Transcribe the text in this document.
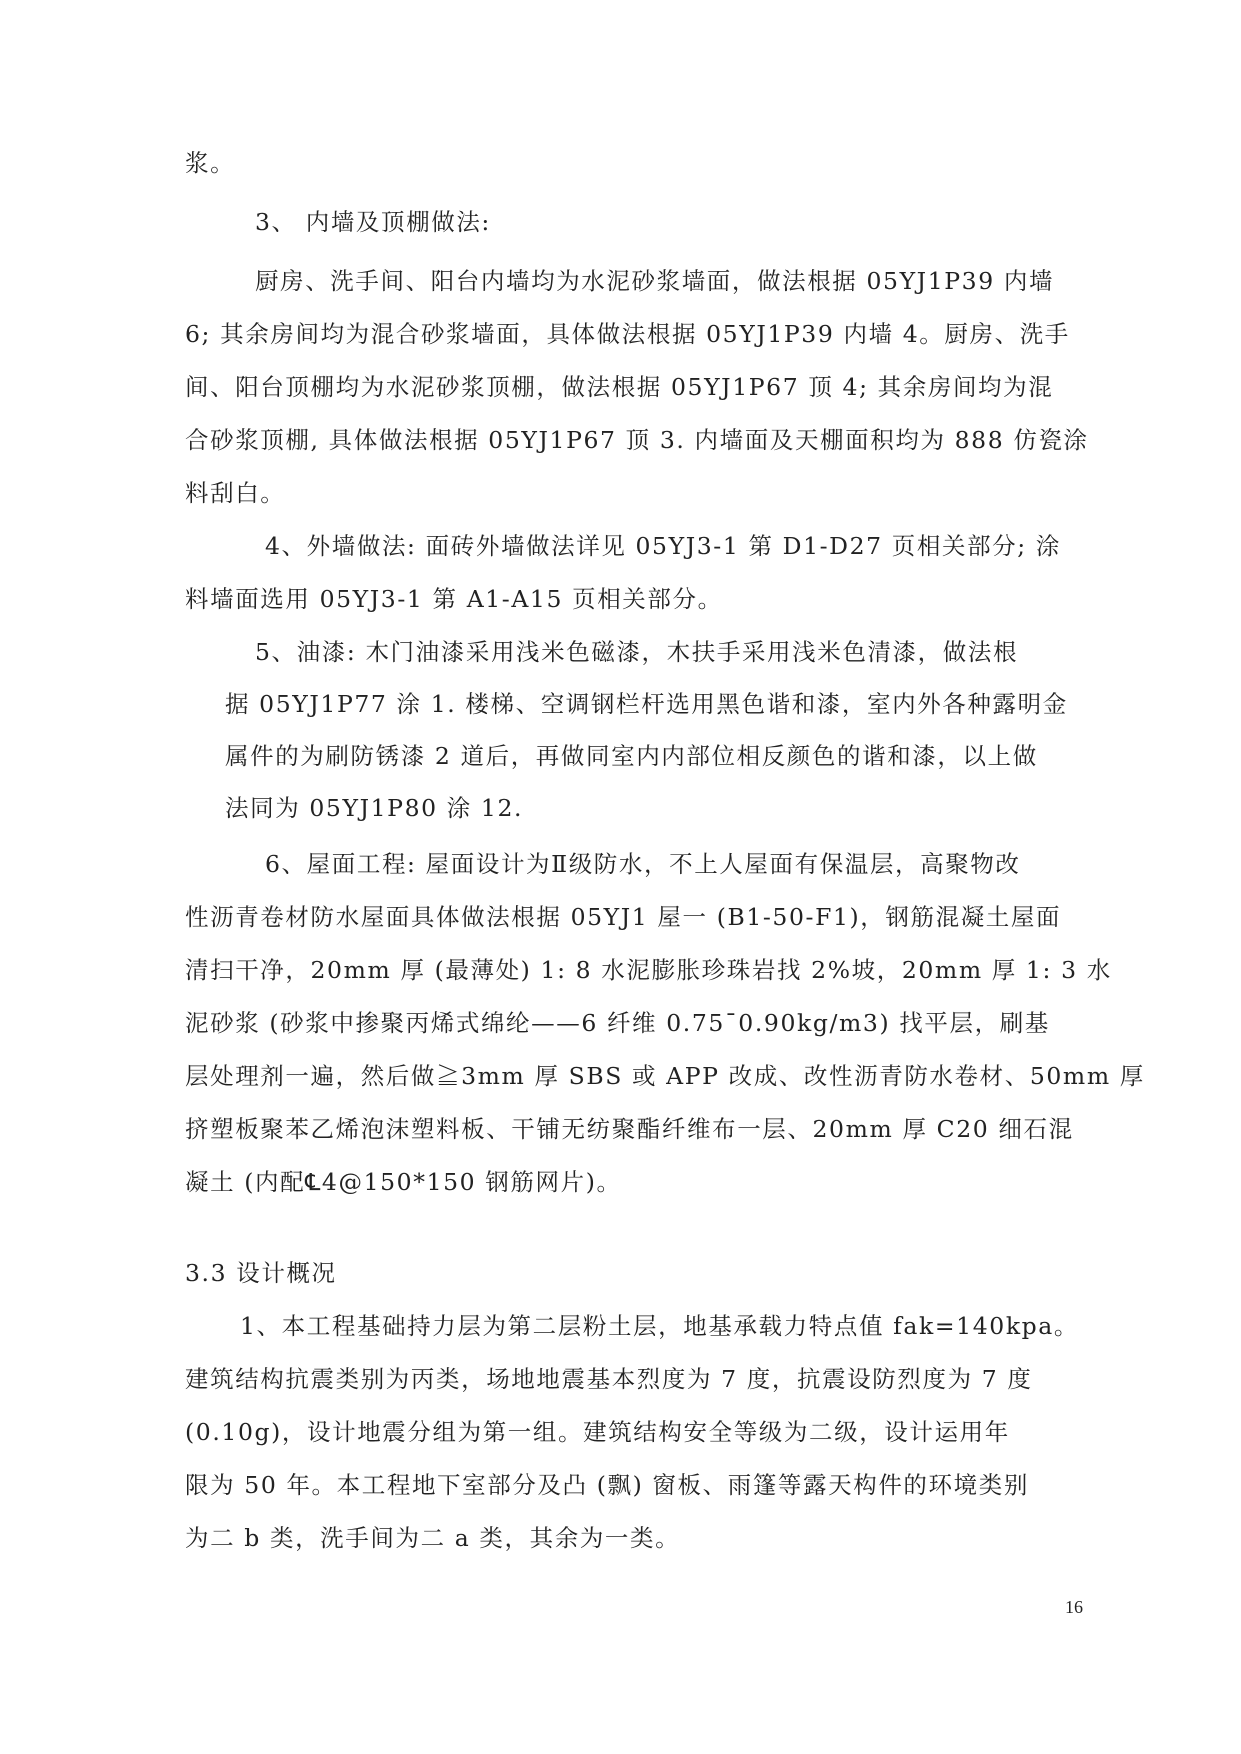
浆。
3、 内墙及顶棚做法:
厨房、洗手间、阳台内墙均为水泥砂浆墙面，做法根据 05YJ1P39 内墙
6; 其余房间均为混合砂浆墙面，具体做法根据 05YJ1P39 内墙 4。厨房、洗手
间、阳台顶棚均为水泥砂浆顶棚，做法根据 05YJ1P67 顶 4; 其余房间均为混
合砂浆顶棚, 具体做法根据 05YJ1P67 顶 3. 内墙面及天棚面积均为 888 仿瓷涂
料刮白。
4、外墙做法: 面砖外墙做法详见 05YJ3-1 第 D1-D27 页相关部分; 涂
料墙面选用 05YJ3-1 第 A1-A15 页相关部分。
5、油漆: 木门油漆采用浅米色磁漆，木扶手采用浅米色清漆，做法根
据 05YJ1P77 涂 1. 楼梯、空调钢栏杆选用黑色谐和漆，室内外各种露明金
属件的为刷防锈漆 2 道后，再做同室内内部位相反颜色的谐和漆，以上做
法同为 05YJ1P80 涂 12.
6、屋面工程: 屋面设计为Ⅱ级防水，不上人屋面有保温层，高聚物改
性沥青卷材防水屋面具体做法根据 05YJ1 屋一 (B1-50-F1)，钢筋混凝土屋面
清扫干净，20mm 厚 (最薄处) 1: 8 水泥膨胀珍珠岩找 2%坡，20mm 厚 1: 3 水
泥砂浆 (砂浆中掺聚丙烯式绵纶——6 纤维 0.75¯0.90kg/m3) 找平层，刷基
层处理剂一遍，然后做≧3mm 厚 SBS 或 APP 改成、改性沥青防水卷材、50mm 厚
挤塑板聚苯乙烯泡沫塑料板、干铺无纺聚酯纤维布一层、20mm 厚 C20 细石混
凝土 (内配℄4@150*150 钢筋网片)。
3.3 设计概况
1、本工程基础持力层为第二层粉土层，地基承载力特点值 fak=140kpa。
建筑结构抗震类别为丙类，场地地震基本烈度为 7 度，抗震设防烈度为 7 度
(0.10g)，设计地震分组为第一组。建筑结构安全等级为二级，设计运用年
限为 50 年。本工程地下室部分及凸 (飘) 窗板、雨篷等露天构件的环境类别
为二 b 类，洗手间为二 a 类，其余为一类。
16
